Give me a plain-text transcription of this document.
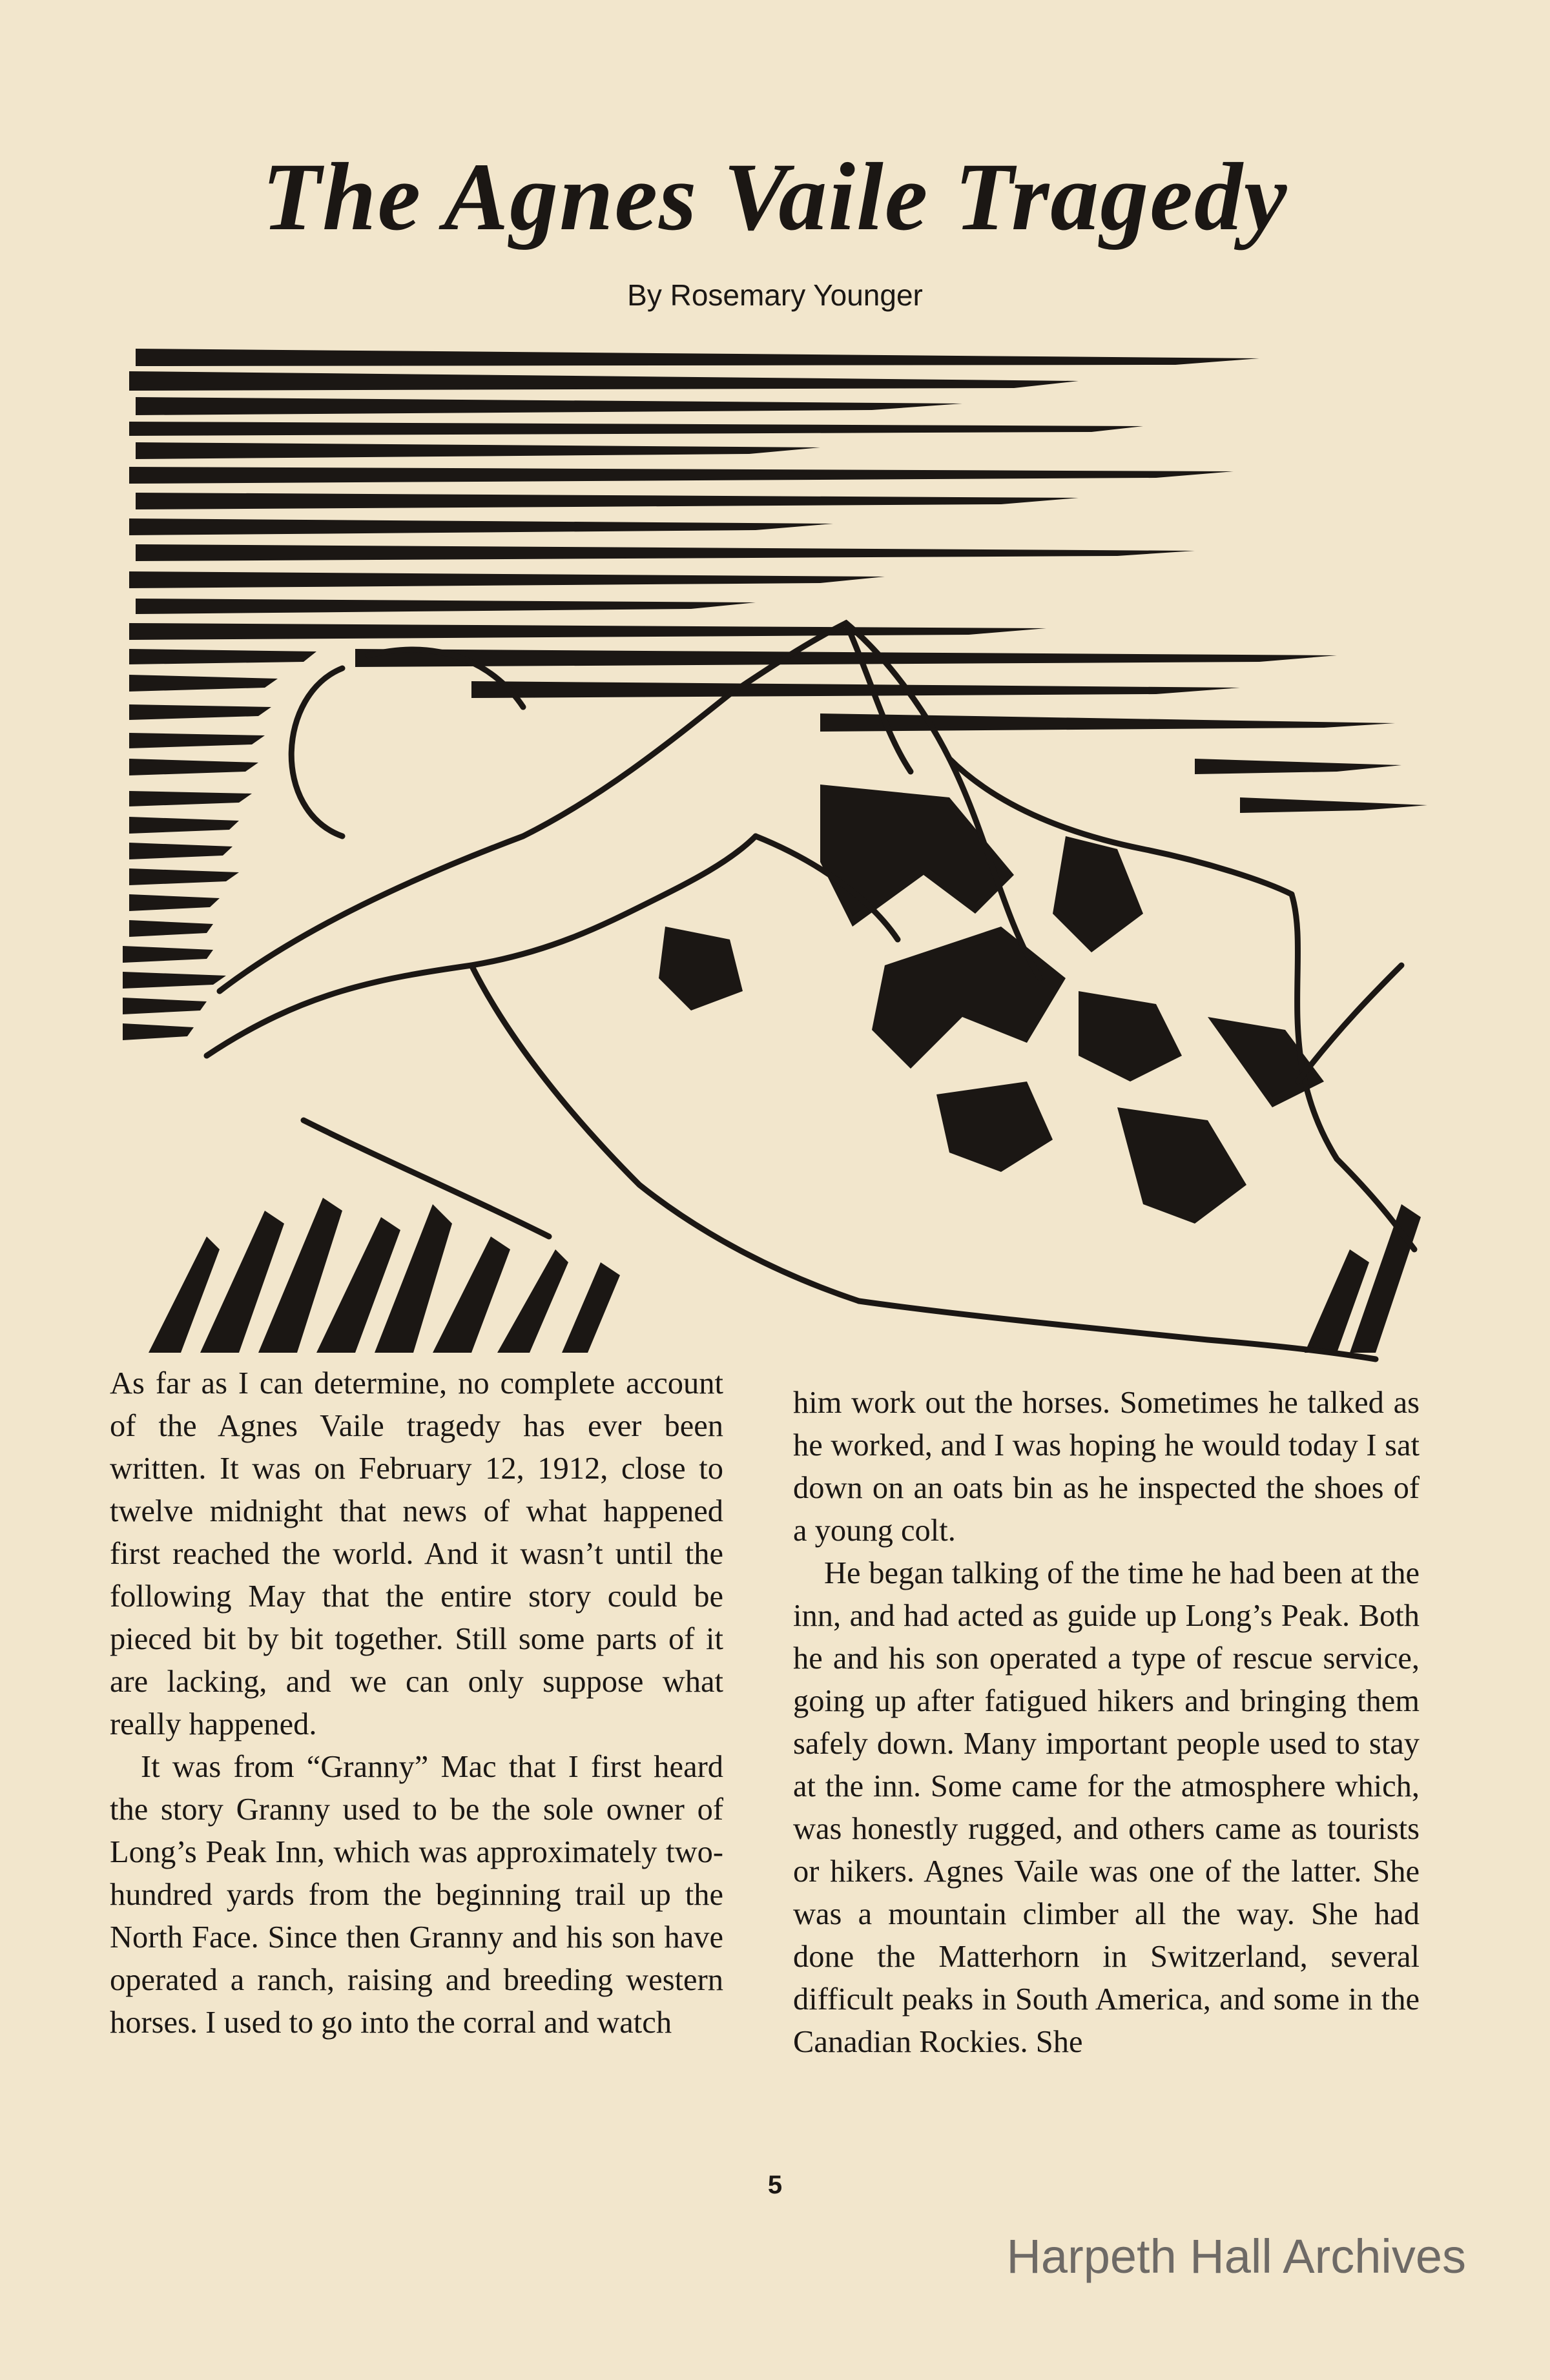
The Agnes Vaile Tragedy

By Rosemary Younger

As far as I can determine, no complete account of the Agnes Vaile tragedy has ever been written. It was on February 12, 1912, close to twelve midnight that news of what happened first reached the world. And it wasn’t until the following May that the entire story could be pieced bit by bit together. Still some parts of it are lacking, and we can only suppose what really happened.

It was from “Granny” Mac that I first heard the story Granny used to be the sole owner of Long’s Peak Inn, which was approximately two-hundred yards from the beginning trail up the North Face. Since then Granny and his son have operated a ranch, raising and breeding western horses. I used to go into the corral and watch

him work out the horses. Sometimes he talked as he worked, and I was hoping he would today I sat down on an oats bin as he inspected the shoes of a young colt.

He began talking of the time he had been at the inn, and had acted as guide up Long’s Peak. Both he and his son operated a type of rescue service, going up after fatigued hikers and bringing them safely down. Many important people used to stay at the inn. Some came for the atmosphere which, was honestly rugged, and others came as tourists or hikers. Agnes Vaile was one of the latter. She was a mountain climber all the way. She had done the Matterhorn in Switzerland, several difficult peaks in South America, and some in the Canadian Rockies. She

5
Harpeth Hall Archives
